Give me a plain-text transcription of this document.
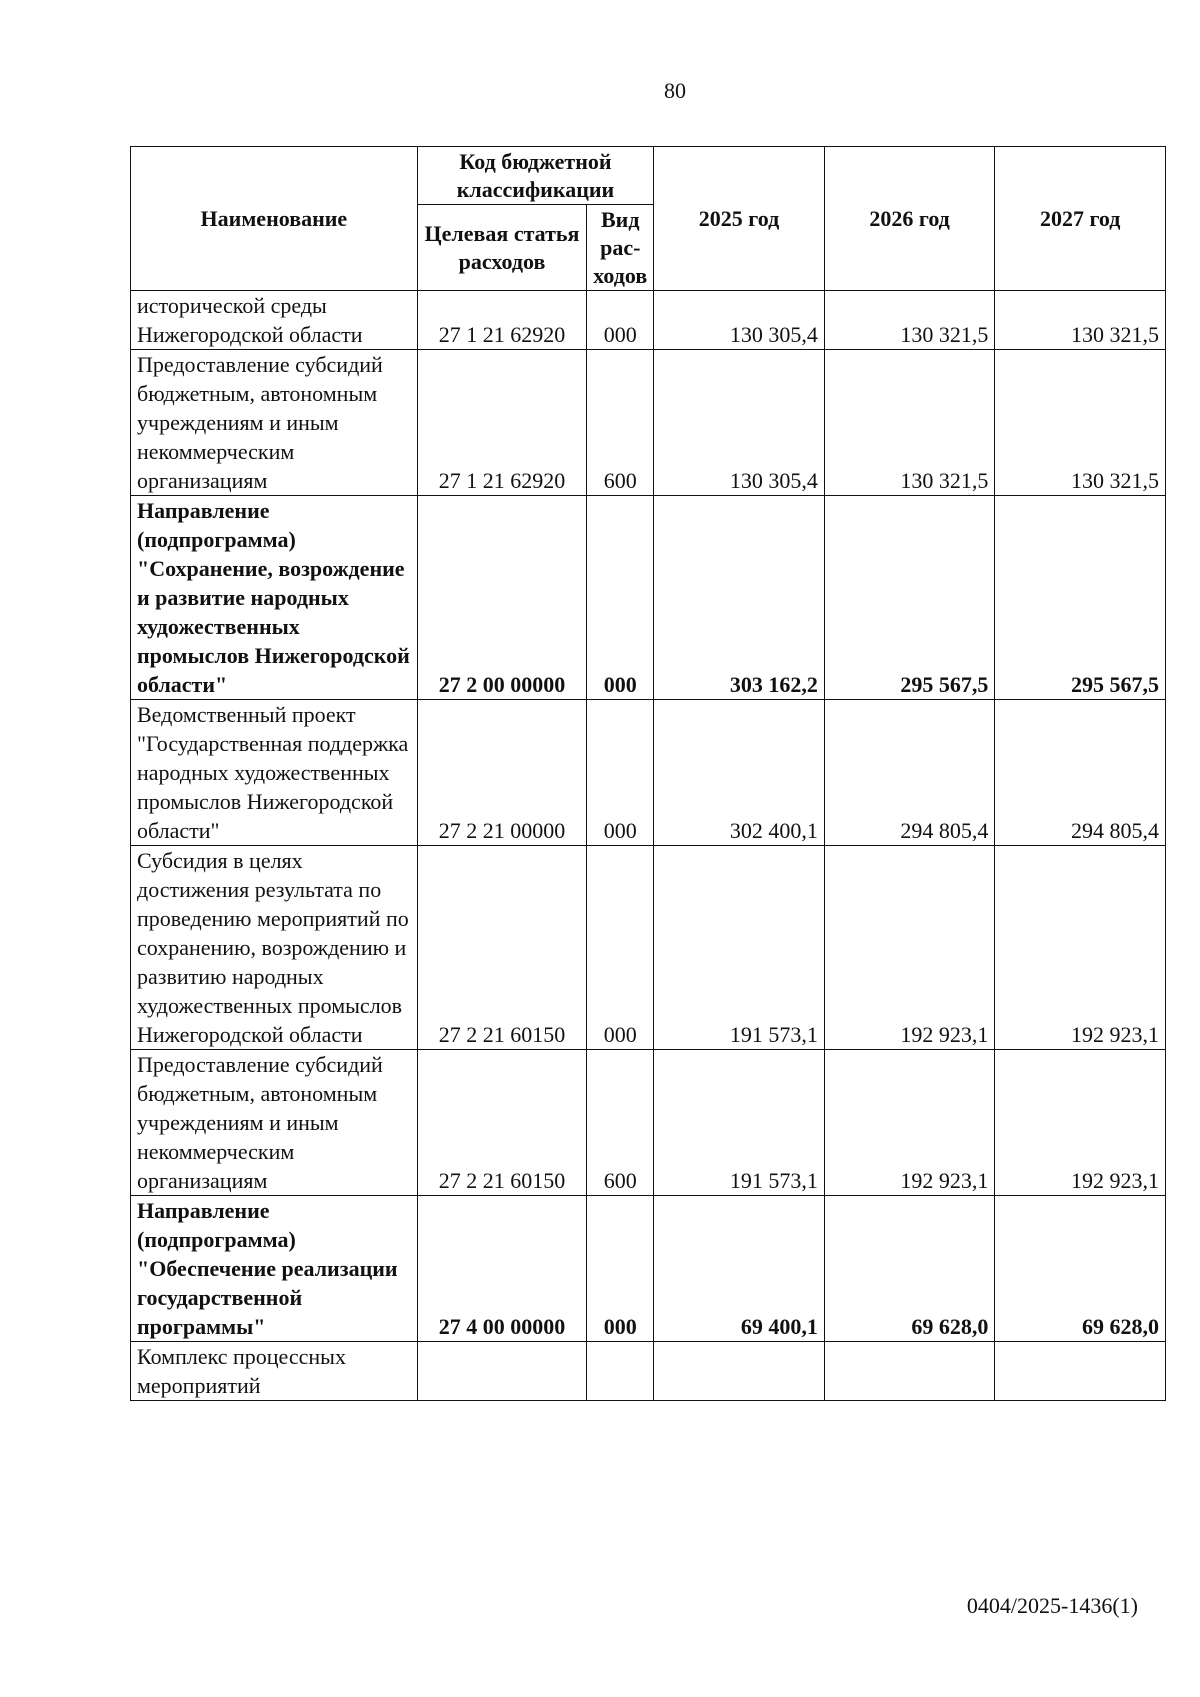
80
Наименование	Код бюджетной классификации		2025 год	2026 год	2027 год
	Целевая статья расходов	Вид рас-ходов			
исторической среды Нижегородской области	27 1 21 62920	000	130 305,4	130 321,5	130 321,5
Предоставление субсидий бюджетным, автономным учреждениям и иным некоммерческим организациям	27 1 21 62920	600	130 305,4	130 321,5	130 321,5
Направление (подпрограмма) "Сохранение, возрождение и развитие народных художественных промыслов Нижегородской области"	27 2 00 00000	000	303 162,2	295 567,5	295 567,5
Ведомственный проект "Государственная поддержка народных художественных промыслов Нижегородской области"	27 2 21 00000	000	302 400,1	294 805,4	294 805,4
Субсидия в целях достижения результата по проведению мероприятий по сохранению, возрождению и развитию народных художественных промыслов Нижегородской области	27 2 21 60150	000	191 573,1	192 923,1	192 923,1
Предоставление субсидий бюджетным, автономным учреждениям и иным некоммерческим организациям	27 2 21 60150	600	191 573,1	192 923,1	192 923,1
Направление (подпрограмма) "Обеспечение реализации государственной программы"	27 4 00 00000	000	69 400,1	69 628,0	69 628,0
Комплекс процессных мероприятий					
0404/2025-1436(1)
